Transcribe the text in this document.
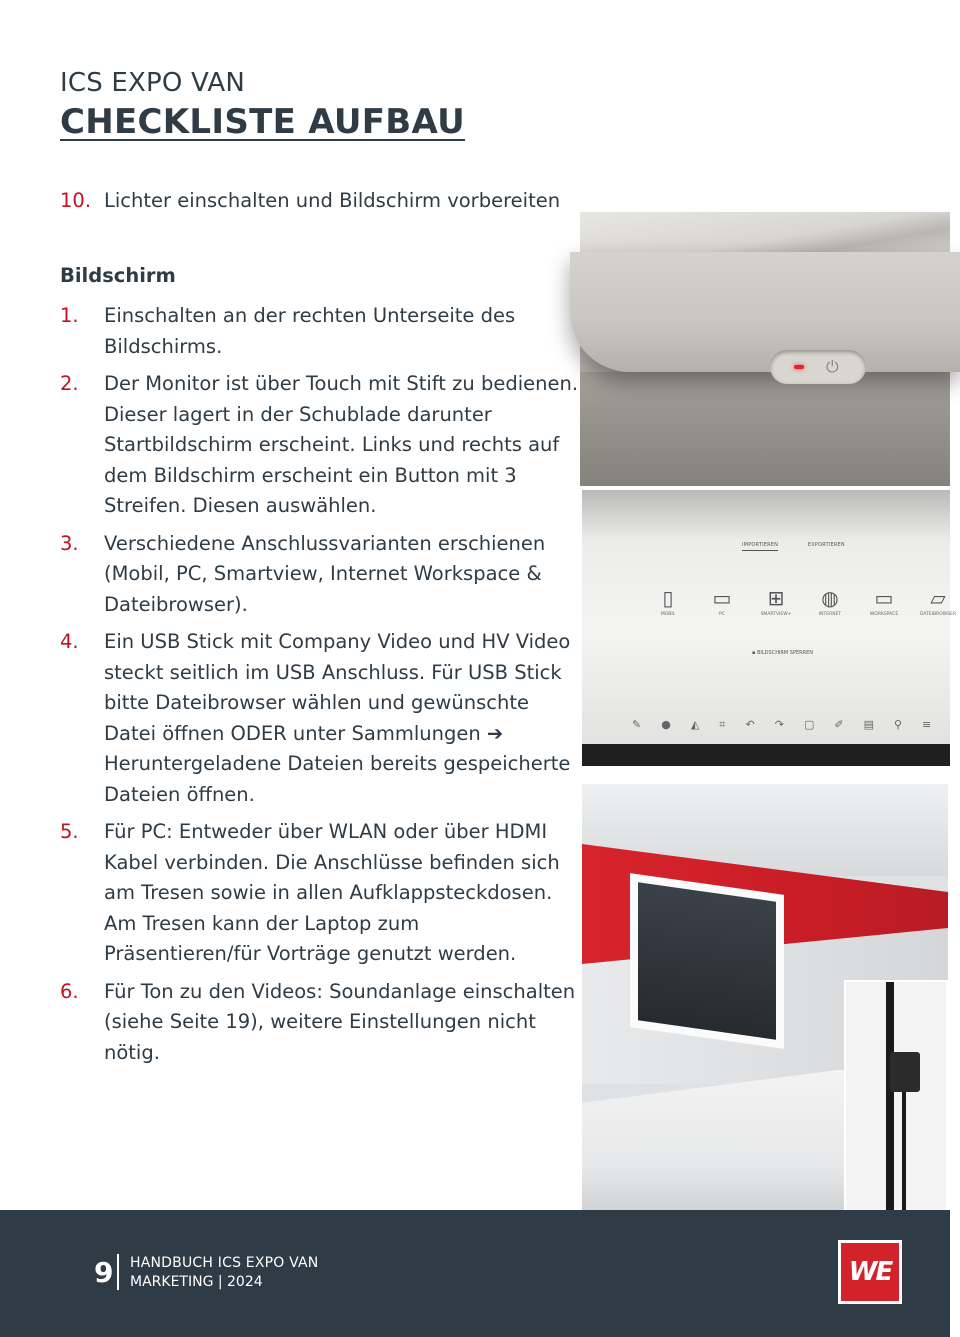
ICS EXPO VAN
CHECKLISTE AUFBAU
10. Lichter einschalten und Bildschirm vorbereiten
Bildschirm
1.	Einschalten an der rechten Unterseite des Bildschirms.
2.	Der Monitor ist über Touch mit Stift zu bedienen. Dieser lagert in der Schublade darunter Startbildschirm erscheint. Links und rechts auf dem Bildschirm erscheint ein Button mit 3 Streifen. Diesen auswählen.
3.	Verschiedene Anschlussvarianten erschienen (Mobil, PC, Smartview, Internet Workspace & Dateibrowser).
4.	Ein USB Stick mit Company Video und HV Video steckt seitlich im USB Anschluss. Für USB Stick bitte Dateibrowser wählen und gewünschte Datei öffnen ODER unter Sammlungen ➔ Heruntergeladene Dateien bereits gespeicherte Dateien öffnen.
5.	Für PC: Entweder über WLAN oder über HDMI Kabel verbinden. Die Anschlüsse befinden sich am Tresen sowie in allen Aufklappsteckdosen. Am Tresen kann der Laptop zum Präsentieren/für Vorträge genutzt werden.
6.	Für Ton zu den Videos: Soundanlage einschalten (siehe Seite 19), weitere Einstellungen nicht nötig.
⏻
IMPORTIEREN	EXPORTIEREN
▯
MOBIL
▭
PC
⊞
SMARTVIEW+
◍
INTERNET
▭
WORKSPACE
▱
DATEIBROWSER
▪ BILDSCHIRM SPERREN
✎ ● ◭ ⌗ ↶ ↷ ▢ ✐ ▤ ⚲ ≡
9 HANDBUCH ICS EXPO VAN
MARKETING | 2024	WE
